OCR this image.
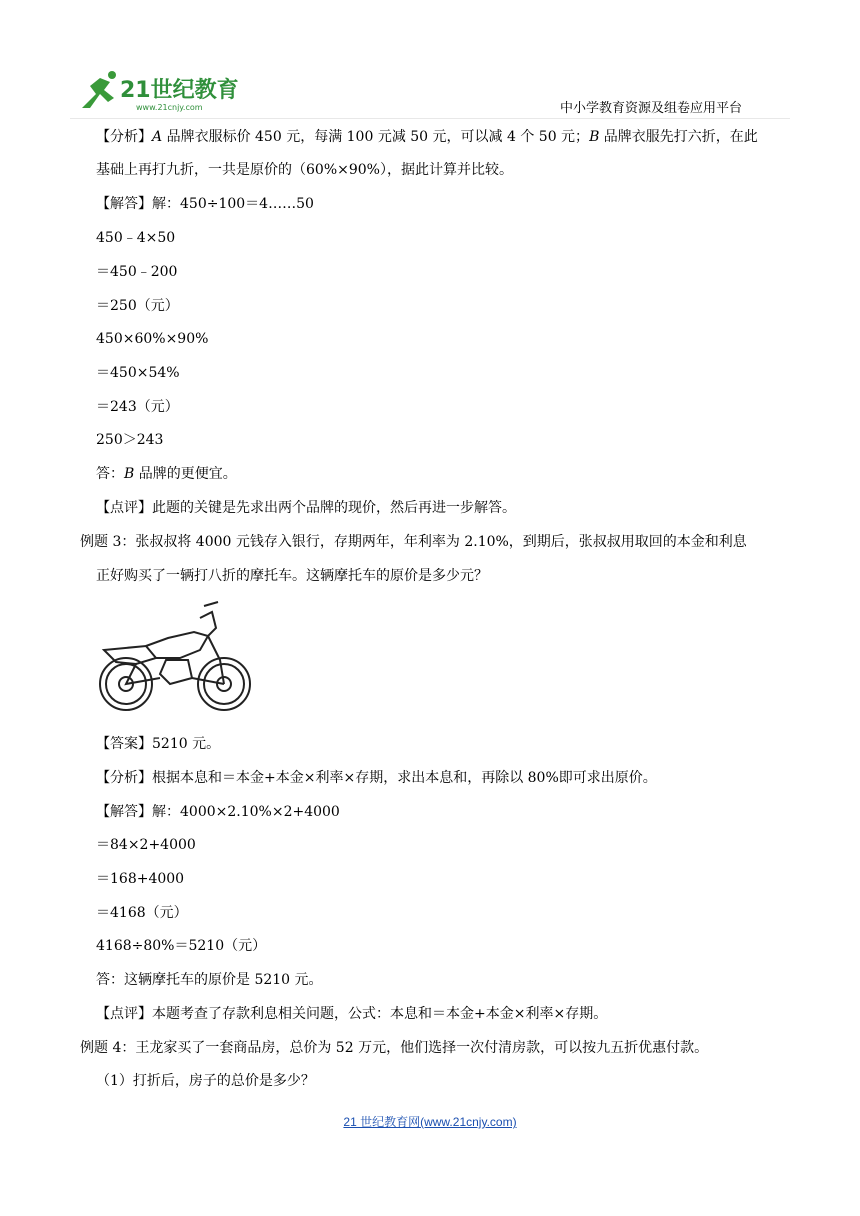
21世纪教育
www.21cnjy.com	中小学教育资源及组卷应用平台
【分析】A 品牌衣服标价 450 元，每满 100 元减 50 元，可以减 4 个 50 元；B 品牌衣服先打六折，在此
基础上再打九折，一共是原价的（60%×90%），据此计算并比较。
【解答】解：450÷100＝4……50
450﹣4×50
＝450﹣200
＝250（元）
450×60%×90%
＝450×54%
＝243（元）
250＞243
答：B 品牌的更便宜。
【点评】此题的关键是先求出两个品牌的现价，然后再进一步解答。
例题 3：张叔叔将 4000 元钱存入银行，存期两年，年利率为 2.10%，到期后，张叔叔用取回的本金和利息
正好购买了一辆打八折的摩托车。这辆摩托车的原价是多少元？
【答案】5210 元。
【分析】根据本息和＝本金+本金×利率×存期，求出本息和，再除以 80%即可求出原价。
【解答】解：4000×2.10%×2+4000
＝84×2+4000
＝168+4000
＝4168（元）
4168÷80%＝5210（元）
答：这辆摩托车的原价是 5210 元。
【点评】本题考查了存款利息相关问题，公式：本息和＝本金+本金×利率×存期。
例题 4：王龙家买了一套商品房，总价为 52 万元，他们选择一次付清房款，可以按九五折优惠付款。
（1）打折后，房子的总价是多少？
21 世纪教育网(www.21cnjy.com)
